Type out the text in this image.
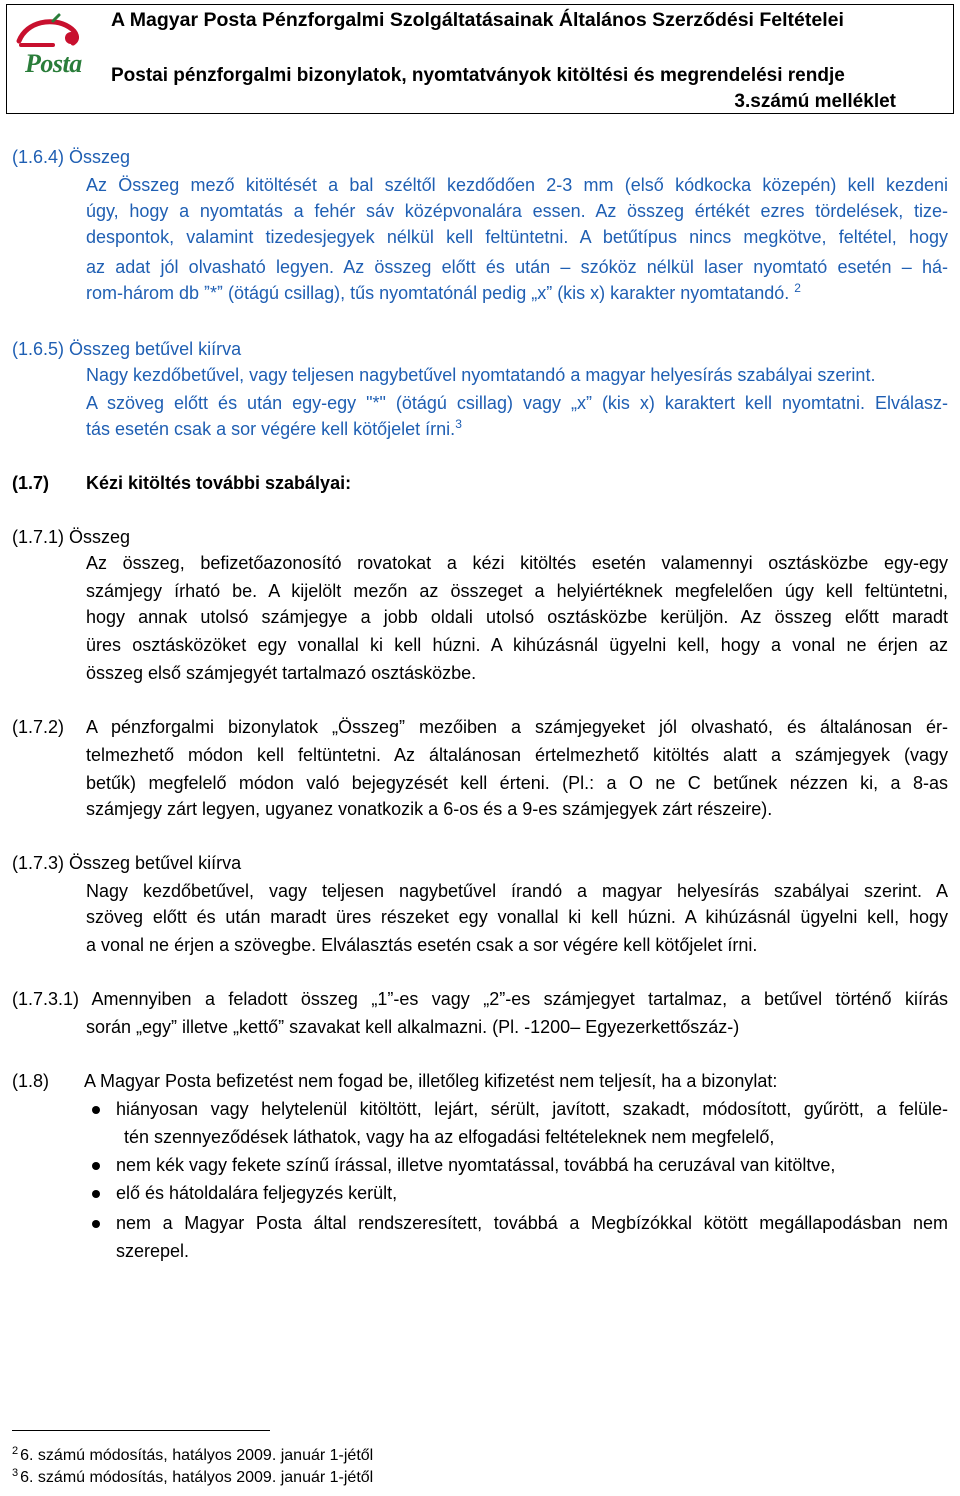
Posta
A Magyar Posta Pénzforgalmi Szolgáltatásainak Általános Szerződési Feltételei
Postai pénzforgalmi bizonylatok, nyomtatványok kitöltési és megrendelési rendje
3.számú melléklet
(1.6.4) Összeg
Az Összeg mező kitöltését a bal széltől kezdődően 2-3 mm (első kódkocka közepén) kell kezdeni
úgy, hogy a nyomtatás a fehér sáv középvonalára essen. Az összeg értékét ezres tördelések, tize-
despontok, valamint tizedesjegyek nélkül kell feltüntetni. A betűtípus nincs megkötve, feltétel, hogy
az adat jól olvasható legyen. Az összeg előtt és után – szóköz nélkül laser nyomtató esetén – há-
rom-három db ˮ*ˮ (ötágú csillag), tűs nyomtatónál pedig „x” (kis x) karakter nyomtatandó. $^2$
(1.6.5) Összeg betűvel kiírva
Nagy kezdőbetűvel, vagy teljesen nagybetűvel nyomtatandó a magyar helyesírás szabályai szerint.
A szöveg előtt és után egy-egy "*" (ötágú csillag) vagy „x” (kis x) karaktert kell nyomtatni. Elválasz-
tás esetén csak a sor végére kell kötőjelet írni.$^3$
(1.7) Kézi kitöltés további szabályai:
(1.7.1) Összeg
Az összeg, befizetőazonosító rovatokat a kézi kitöltés esetén valamennyi osztásközbe egy-egy
számjegy írható be. A kijelölt mezőn az összeget a helyiértéknek megfelelően úgy kell feltüntetni,
hogy annak utolsó számjegye a jobb oldali utolsó osztásközbe kerüljön. Az összeg előtt maradt
üres osztásközöket egy vonallal ki kell húzni. A kihúzásnál ügyelni kell, hogy a vonal ne érjen az
összeg első számjegyét tartalmazó osztásközbe.
(1.7.2) A pénzforgalmi bizonylatok „Összeg” mezőiben a számjegyeket jól olvasható, és általánosan ér-
telmezhető módon kell feltüntetni. Az általánosan értelmezhető kitöltés alatt a számjegyek (vagy
betűk) megfelelő módon való bejegyzését kell érteni. (Pl.: a O ne C betűnek nézzen ki, a 8-as
számjegy zárt legyen, ugyanez vonatkozik a 6-os és a 9-es számjegyek zárt részeire).
(1.7.3) Összeg betűvel kiírva
Nagy kezdőbetűvel, vagy teljesen nagybetűvel írandó a magyar helyesírás szabályai szerint. A
szöveg előtt és után maradt üres részeket egy vonallal ki kell húzni. A kihúzásnál ügyelni kell, hogy
a vonal ne érjen a szövegbe. Elválasztás esetén csak a sor végére kell kötőjelet írni.
(1.7.3.1) Amennyiben a feladott összeg „1”-es vagy „2”-es számjegyet tartalmaz, a betűvel történő kiírás
során „egy” illetve „kettő” szavakat kell alkalmazni. (Pl. -1200– Egyezerkettőszáz-)
(1.8) A Magyar Posta befizetést nem fogad be, illetőleg kifizetést nem teljesít, ha a bizonylat:
hiányosan vagy helytelenül kitöltött, lejárt, sérült, javított, szakadt, módosított, gyűrött, a felüle-
tén szennyeződések láthatok, vagy ha az elfogadási feltételeknek nem megfelelő,
nem kék vagy fekete színű írással, illetve nyomtatással, továbbá ha ceruzával van kitöltve,
elő és hátoldalára feljegyzés került,
nem a Magyar Posta által rendszeresített, továbbá a Megbízókkal kötött megállapodásban nem
szerepel.
$^2$ 6. számú módosítás, hatályos 2009. január 1-jétől
$^3$ 6. számú módosítás, hatályos 2009. január 1-jétől
